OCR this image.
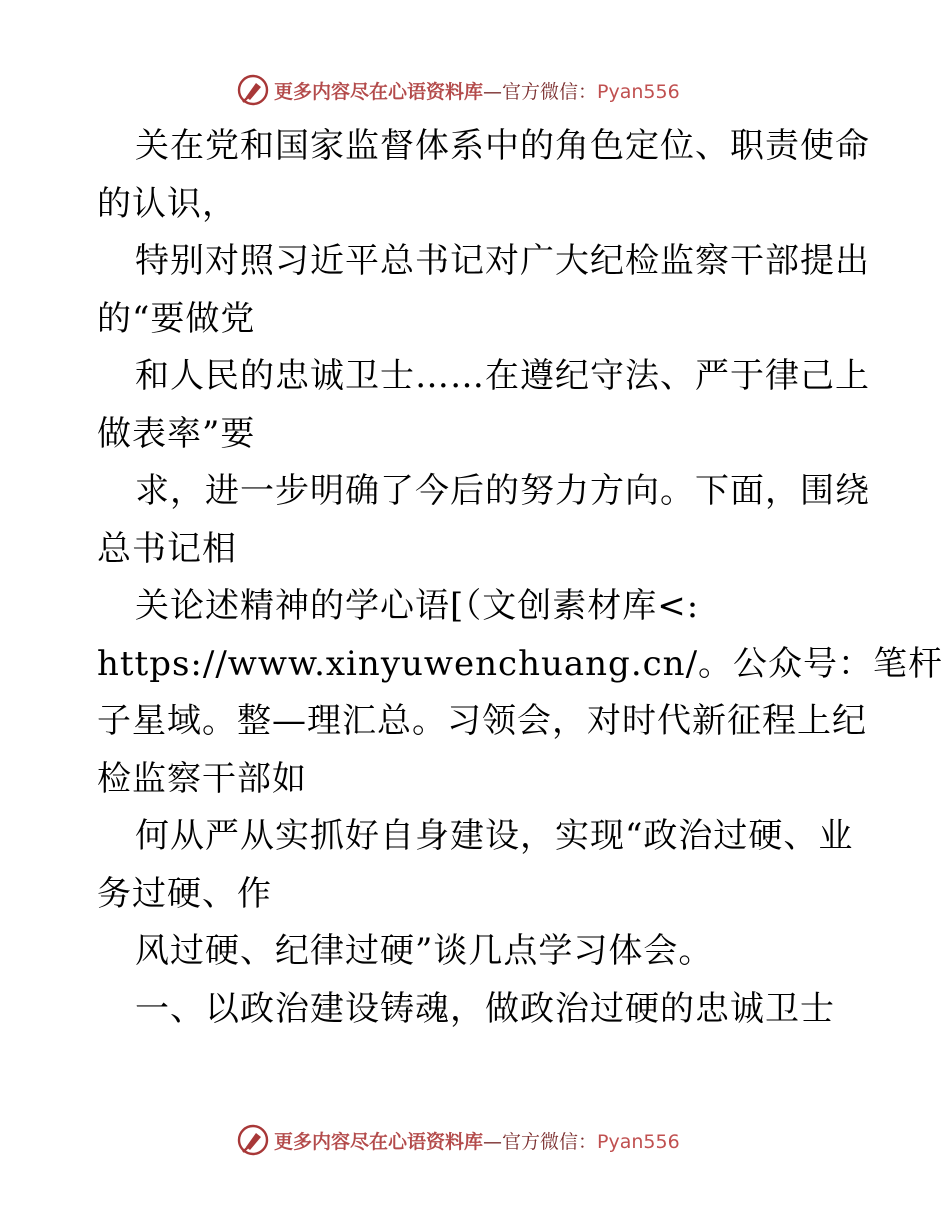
更多内容尽在心语资料库—官方微信：Pyan556
关在党和国家监督体系中的角色定位、职责使命
的认识，
特别对照习近平总书记对广大纪检监察干部提出
的“要做党
和人民的忠诚卫士……在遵纪守法、严于律己上
做表率”要
求，进一步明确了今后的努力方向。下面，围绕
总书记相
关论述精神的学心语[（文创素材库<:
https://www.xinyuwenchuang.cn/。公众号：笔杆
子星域。整—理汇总。习领会，对时代新征程上纪
检监察干部如
何从严从实抓好自身建设，实现“政治过硬、业
务过硬、作
风过硬、纪律过硬”谈几点学习体会。
一、以政治建设铸魂，做政治过硬的忠诚卫士
更多内容尽在心语资料库—官方微信：Pyan556
